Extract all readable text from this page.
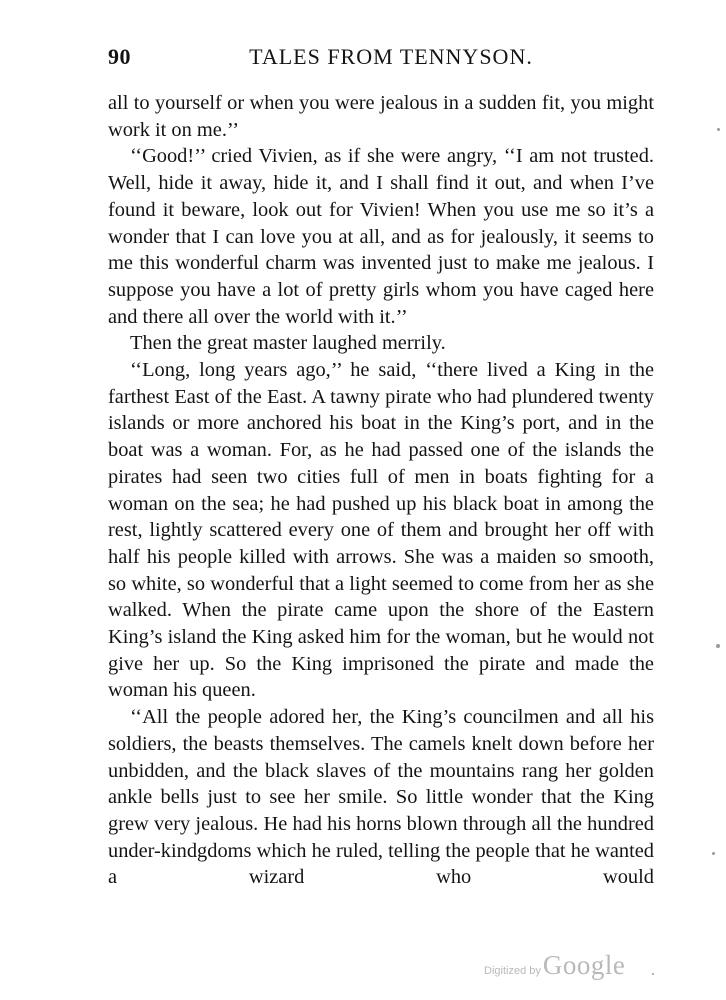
90	TALES FROM TENNYSON.

all to yourself or when you were jealous in a sudden fit, you might work it on me.’’

‘‘Good!’’ cried Vivien, as if she were angry, ‘‘I am not trusted. Well, hide it away, hide it, and I shall find it out, and when I’ve found it beware, look out for Vivien! When you use me so it’s a wonder that I can love you at all, and as for jealously, it seems to me this wonderful charm was invented just to make me jealous. I suppose you have a lot of pretty girls whom you have caged here and there all over the world with it.’’

Then the great master laughed merrily.

‘‘Long, long years ago,’’ he said, ‘‘there lived a King in the farthest East of the East. A tawny pirate who had plundered twenty islands or more anchored his boat in the King’s port, and in the boat was a woman. For, as he had passed one of the islands the pirates had seen two cities full of men in boats fighting for a woman on the sea; he had pushed up his black boat in among the rest, lightly scattered every one of them and brought her off with half his people killed with arrows. She was a maiden so smooth, so white, so wonderful that a light seemed to come from her as she walked. When the pirate came upon the shore of the Eastern King’s island the King asked him for the woman, but he would not give her up. So the King imprisoned the pirate and made the woman his queen.

‘‘All the people adored her, the King’s councilmen and all his soldiers, the beasts themselves. The camels knelt down before her unbidden, and the black slaves of the mountains rang her golden ankle bells just to see her smile. So little wonder that the King grew very jealous. He had his horns blown through all the hundred under-kindgdoms which he ruled, telling the people that he wanted a wizard who would

Digitized by Google
